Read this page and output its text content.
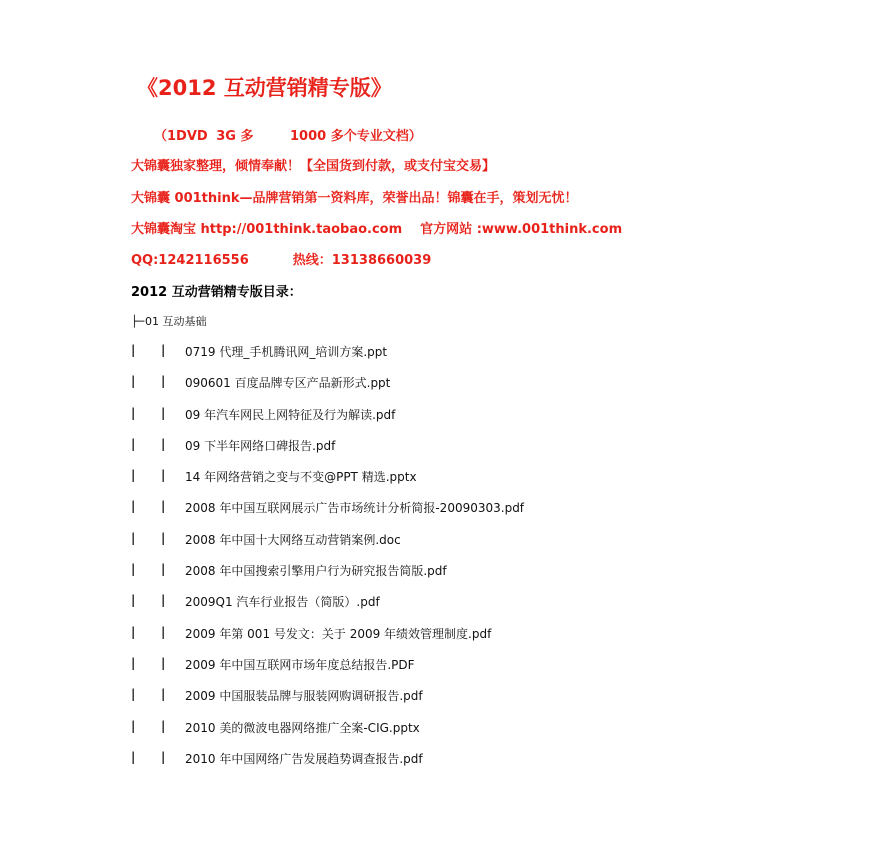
《2012 互动营销精专版》
（1DVD 3G 多	1000 多个专业文档）
大锦囊独家整理，倾情奉献！【全国货到付款，或支付宝交易】
大锦囊 001think—品牌营销第一资料库，荣誉出品！锦囊在手，策划无忧！
大锦囊淘宝 http://001think.taobao.com 官方网站 :www.001think.com
QQ:1242116556	热线：13138660039
2012 互动营销精专版目录：
├─01 互动基础
|	|	0719 代理_手机腾讯网_培训方案.ppt
|	|	090601 百度品牌专区产品新形式.ppt
|	|	09 年汽车网民上网特征及行为解读.pdf
|	|	09 下半年网络口碑报告.pdf
|	|	14 年网络营销之变与不变@PPT 精选.pptx
|	|	2008 年中国互联网展示广告市场统计分析简报-20090303.pdf
|	|	2008 年中国十大网络互动营销案例.doc
|	|	2008 年中国搜索引擎用户行为研究报告简版.pdf
|	|	2009Q1 汽车行业报告（简版）.pdf
|	|	2009 年第 001 号发文：关于 2009 年绩效管理制度.pdf
|	|	2009 年中国互联网市场年度总结报告.PDF
|	|	2009 中国服装品牌与服装网购调研报告.pdf
|	|	2010 美的微波电器网络推广全案-CIG.pptx
|	|	2010 年中国网络广告发展趋势调查报告.pdf
